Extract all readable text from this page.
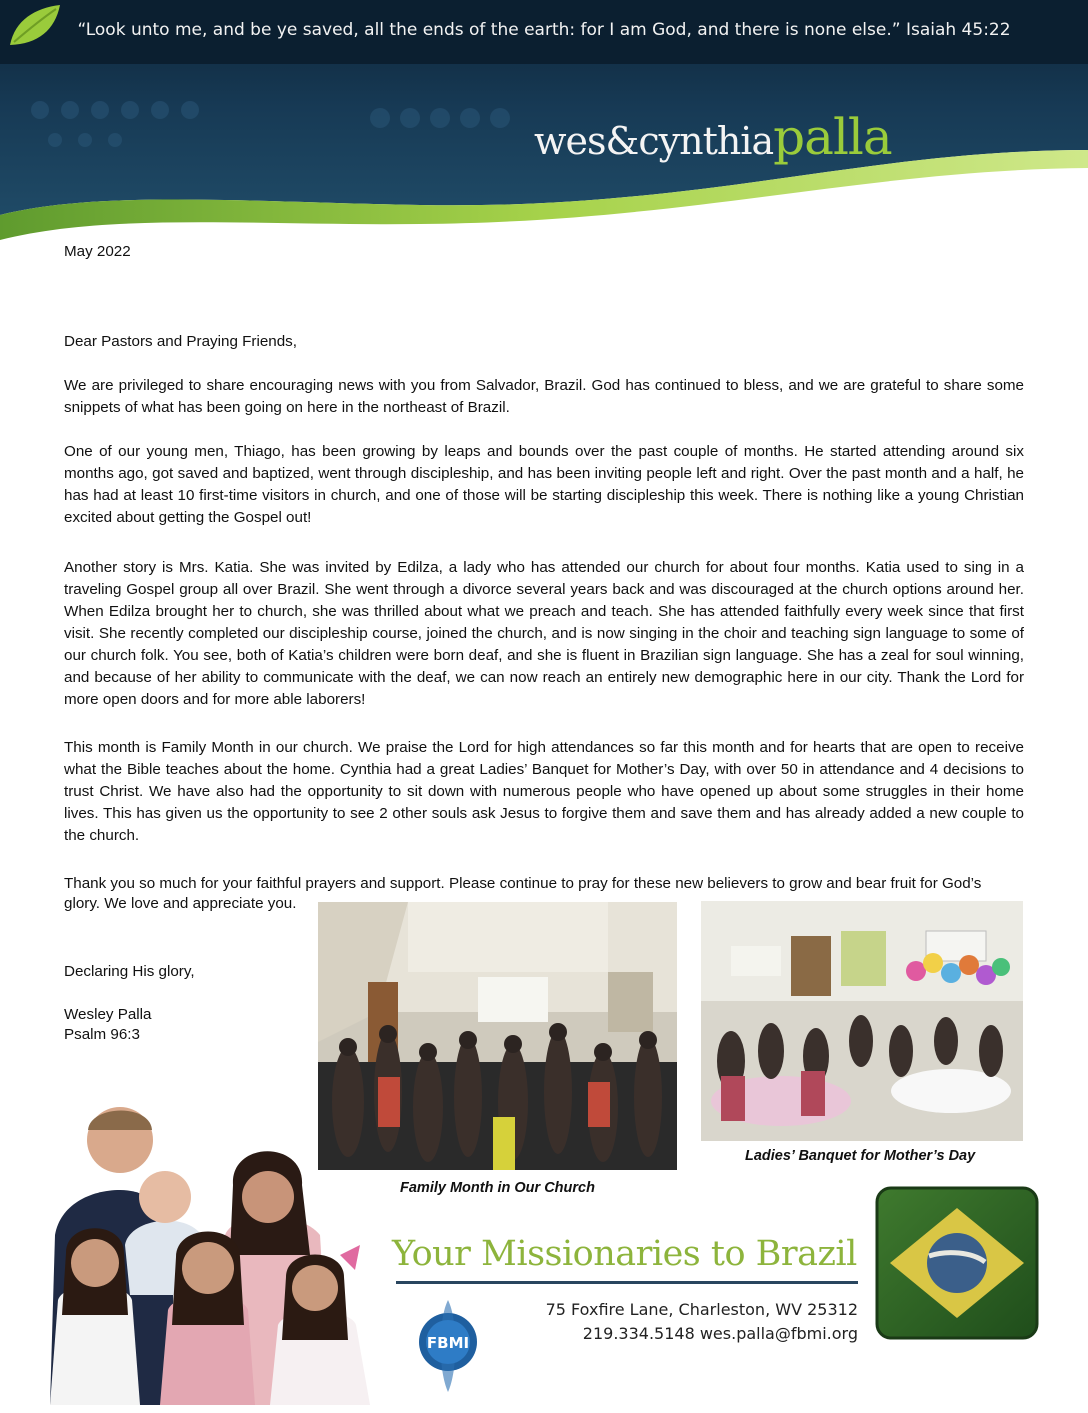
“Look unto me, and be ye saved, all the ends of the earth: for I am God, and there is none else.” Isaiah 45:22
wes&cynthiapalla
May 2022
Dear Pastors and Praying Friends,
We are privileged to share encouraging news with you from Salvador, Brazil. God has continued to bless, and we are grateful to share some snippets of what has been going on here in the northeast of Brazil.
One of our young men, Thiago, has been growing by leaps and bounds over the past couple of months. He started attending around six months ago, got saved and baptized, went through discipleship, and has been inviting people left and right. Over the past month and a half, he has had at least 10 first-time visitors in church, and one of those will be starting discipleship this week. There is nothing like a young Christian excited about getting the Gospel out!
Another story is Mrs. Katia. She was invited by Edilza, a lady who has attended our church for about four months. Katia used to sing in a traveling Gospel group all over Brazil. She went through a divorce several years back and was discouraged at the church options around her. When Edilza brought her to church, she was thrilled about what we preach and teach. She has attended faithfully every week since that first visit. She recently completed our discipleship course, joined the church, and is now singing in the choir and teaching sign language to some of our church folk. You see, both of Katia’s children were born deaf, and she is fluent in Brazilian sign language. She has a zeal for soul winning, and because of her ability to communicate with the deaf, we can now reach an entirely new demographic here in our city. Thank the Lord for more open doors and for more able laborers!
This month is Family Month in our church. We praise the Lord for high attendances so far this month and for hearts that are open to receive what the Bible teaches about the home. Cynthia had a great Ladies’ Banquet for Mother’s Day, with over 50 in attendance and 4 decisions to trust Christ. We have also had the opportunity to sit down with numerous people who have opened up about some struggles in their home lives. This has given us the opportunity to see 2 other souls ask Jesus to forgive them and save them and has already added a new couple to the church.
Thank you so much for your faithful prayers and support. Please continue to pray for these new believers to grow and bear fruit for God’s
glory. We love and appreciate you.
Declaring His glory,
Wesley Palla
Psalm 96:3
Family Month in Our Church
Ladies’ Banquet for Mother’s Day
Your Missionaries to Brazil
FBMI
75 Foxfire Lane, Charleston, WV 25312
219.334.5148 wes.palla@fbmi.org
